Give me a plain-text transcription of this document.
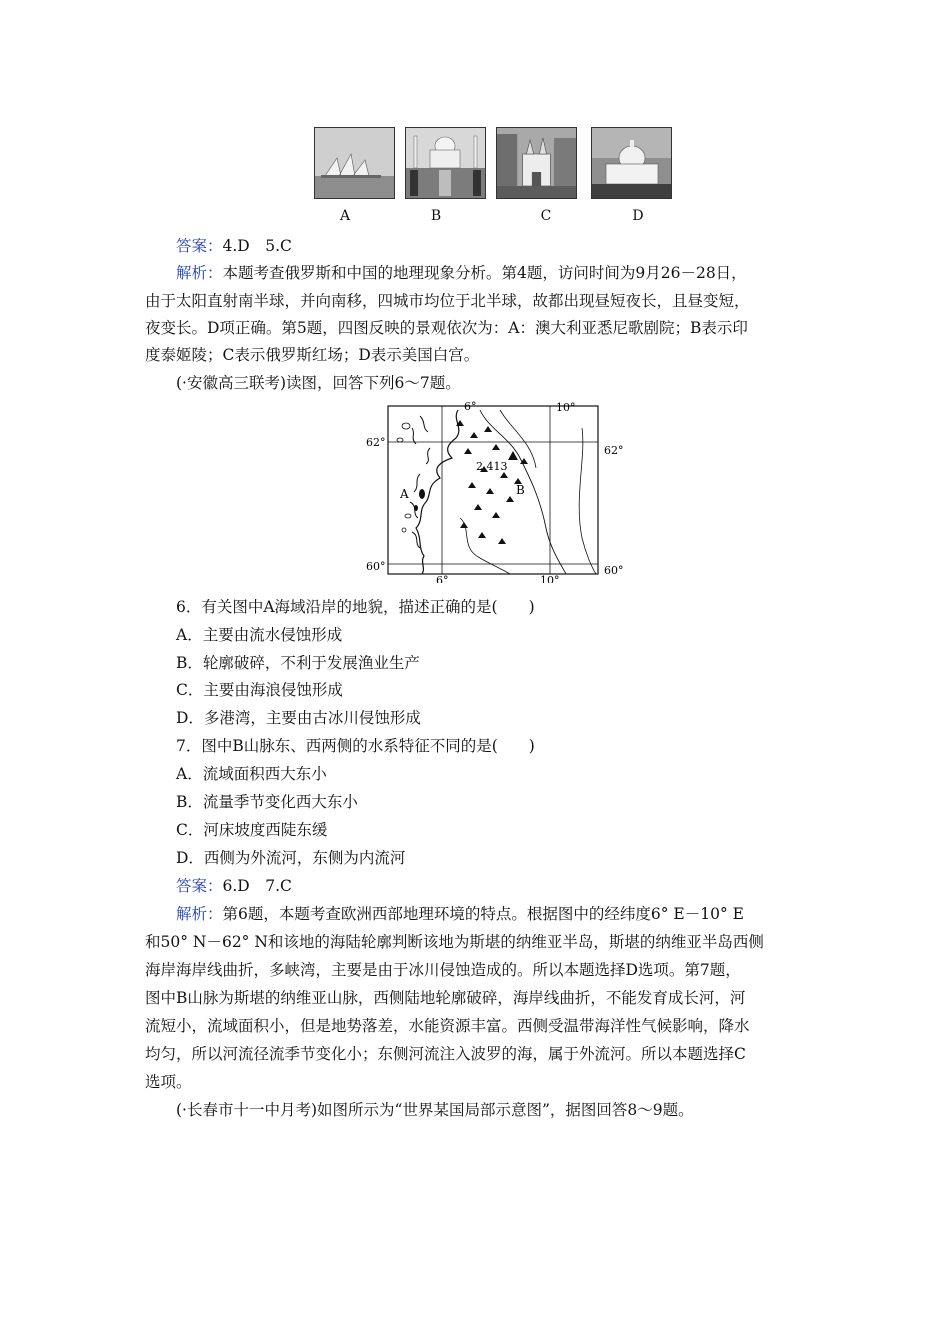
A	B	C	D
答案：4.D　5.C
解析：本题考查俄罗斯和中国的地理现象分析。第4题，访问时间为9月26－28日，
由于太阳直射南半球，并向南移，四城市均位于北半球，故都出现昼短夜长，且昼变短，
夜变长。D项正确。第5题，四图反映的景观依次为：A：澳大利亚悉尼歌剧院；B表示印
度泰姬陵；C表示俄罗斯红场；D表示美国白宫。
(·安徽高三联考)读图，回答下列6～7题。
62°
62°
60°	60°
6°	10°
6°	10°
2 413
A	B
6．有关图中A海域沿岸的地貌，描述正确的是(　　)
A．主要由流水侵蚀形成
B．轮廓破碎，不利于发展渔业生产
C．主要由海浪侵蚀形成
D．多港湾，主要由古冰川侵蚀形成
7．图中B山脉东、西两侧的水系特征不同的是(　　)
A．流域面积西大东小
B．流量季节变化西大东小
C．河床坡度西陡东缓
D．西侧为外流河，东侧为内流河
答案：6.D　7.C
解析：第6题，本题考查欧洲西部地理环境的特点。根据图中的经纬度6° E－10° E
和50° N－62° N和该地的海陆轮廓判断该地为斯堪的纳维亚半岛，斯堪的纳维亚半岛西侧
海岸海岸线曲折，多峡湾，主要是由于冰川侵蚀造成的。所以本题选择D选项。第7题，
图中B山脉为斯堪的纳维亚山脉，西侧陆地轮廓破碎，海岸线曲折，不能发育成长河，河
流短小，流域面积小，但是地势落差，水能资源丰富。西侧受温带海洋性气候影响，降水
均匀，所以河流径流季节变化小；东侧河流注入波罗的海，属于外流河。所以本题选择C
选项。
(·长春市十一中月考)如图所示为“世界某国局部示意图”，据图回答8～9题。
